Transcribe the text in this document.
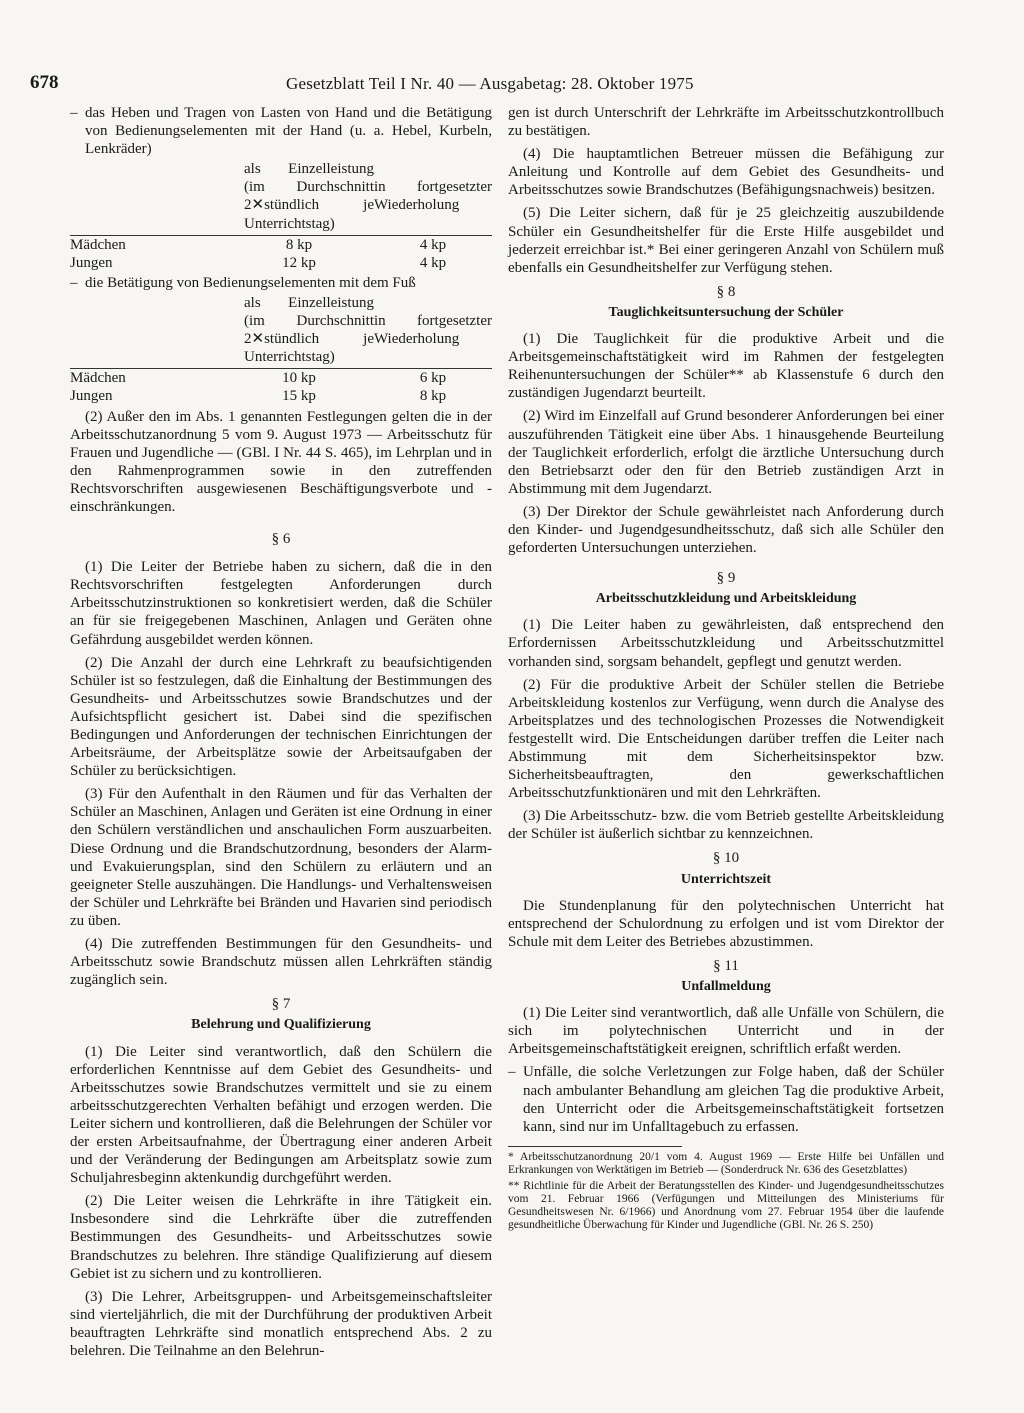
678	Gesetzblatt Teil I Nr. 40 — Ausgabetag: 28. Oktober 1975
– das Heben und Tragen von Lasten von Hand und die Betätigung von Bedienungselementen mit der Hand (u. a. Hebel, Kurbeln, Lenkräder)
	als Einzelleistung (im Durchschnitt 2✕stündlich je Unterrichtstag)	in fortgesetzter Wiederholung

Mädchen	8 kp	4 kp
Jungen	12 kp	4 kp
– die Betätigung von Bedienungselementen mit dem Fuß
	als Einzelleistung (im Durchschnitt 2✕stündlich je Unterrichtstag)	in fortgesetzter Wiederholung

Mädchen	10 kp	6 kp
Jungen	15 kp	8 kp

(2) Außer den im Abs. 1 genannten Festlegungen gelten die in der Arbeitsschutzanordnung 5 vom 9. August 1973 — Arbeitsschutz für Frauen und Jugendliche — (GBl. I Nr. 44 S. 465), im Lehrplan und in den Rahmenprogrammen sowie in den zutreffenden Rechtsvorschriften ausgewiesenen Beschäftigungsverbote und -einschränkungen.

§ 6

(1) Die Leiter der Betriebe haben zu sichern, daß die in den Rechtsvorschriften festgelegten Anforderungen durch Arbeitsschutzinstruktionen so konkretisiert werden, daß die Schüler an für sie freigegebenen Maschinen, Anlagen und Geräten ohne Gefährdung ausgebildet werden können.

(2) Die Anzahl der durch eine Lehrkraft zu beaufsichtigenden Schüler ist so festzulegen, daß die Einhaltung der Bestimmungen des Gesundheits- und Arbeitsschutzes sowie Brandschutzes und der Aufsichtspflicht gesichert ist. Dabei sind die spezifischen Bedingungen und Anforderungen der technischen Einrichtungen der Arbeitsräume, der Arbeitsplätze sowie der Arbeitsaufgaben der Schüler zu berücksichtigen.

(3) Für den Aufenthalt in den Räumen und für das Verhalten der Schüler an Maschinen, Anlagen und Geräten ist eine Ordnung in einer den Schülern verständlichen und anschaulichen Form auszuarbeiten. Diese Ordnung und die Brandschutzordnung, besonders der Alarm- und Evakuierungsplan, sind den Schülern zu erläutern und an geeigneter Stelle auszuhängen. Die Handlungs- und Verhaltensweisen der Schüler und Lehrkräfte bei Bränden und Havarien sind periodisch zu üben.

(4) Die zutreffenden Bestimmungen für den Gesundheits- und Arbeitsschutz sowie Brandschutz müssen allen Lehrkräften ständig zugänglich sein.

§ 7
Belehrung und Qualifizierung

(1) Die Leiter sind verantwortlich, daß den Schülern die erforderlichen Kenntnisse auf dem Gebiet des Gesundheits- und Arbeitsschutzes sowie Brandschutzes vermittelt und sie zu einem arbeitsschutzgerechten Verhalten befähigt und erzogen werden. Die Leiter sichern und kontrollieren, daß die Belehrungen der Schüler vor der ersten Arbeitsaufnahme, der Übertragung einer anderen Arbeit und der Veränderung der Bedingungen am Arbeitsplatz sowie zum Schuljahresbeginn aktenkundig durchgeführt werden.

(2) Die Leiter weisen die Lehrkräfte in ihre Tätigkeit ein. Insbesondere sind die Lehrkräfte über die zutreffenden Bestimmungen des Gesundheits- und Arbeitsschutzes sowie Brandschutzes zu belehren. Ihre ständige Qualifizierung auf diesem Gebiet ist zu sichern und zu kontrollieren.

(3) Die Lehrer, Arbeitsgruppen- und Arbeitsgemeinschaftsleiter sind vierteljährlich, die mit der Durchführung der produktiven Arbeit beauftragten Lehrkräfte sind monatlich entsprechend Abs. 2 zu belehren. Die Teilnahme an den Belehrun-

gen ist durch Unterschrift der Lehrkräfte im Arbeitsschutzkontrollbuch zu bestätigen.

(4) Die hauptamtlichen Betreuer müssen die Befähigung zur Anleitung und Kontrolle auf dem Gebiet des Gesundheits- und Arbeitsschutzes sowie Brandschutzes (Befähigungsnachweis) besitzen.

(5) Die Leiter sichern, daß für je 25 gleichzeitig auszubildende Schüler ein Gesundheitshelfer für die Erste Hilfe ausgebildet und jederzeit erreichbar ist.* Bei einer geringeren Anzahl von Schülern muß ebenfalls ein Gesundheitshelfer zur Verfügung stehen.

§ 8
Tauglichkeitsuntersuchung der Schüler

(1) Die Tauglichkeit für die produktive Arbeit und die Arbeitsgemeinschaftstätigkeit wird im Rahmen der festgelegten Reihenuntersuchungen der Schüler** ab Klassenstufe 6 durch den zuständigen Jugendarzt beurteilt.

(2) Wird im Einzelfall auf Grund besonderer Anforderungen bei einer auszuführenden Tätigkeit eine über Abs. 1 hinausgehende Beurteilung der Tauglichkeit erforderlich, erfolgt die ärztliche Untersuchung durch den Betriebsarzt oder den für den Betrieb zuständigen Arzt in Abstimmung mit dem Jugendarzt.

(3) Der Direktor der Schule gewährleistet nach Anforderung durch den Kinder- und Jugendgesundheitsschutz, daß sich alle Schüler den geforderten Untersuchungen unterziehen.

§ 9
Arbeitsschutzkleidung und Arbeitskleidung

(1) Die Leiter haben zu gewährleisten, daß entsprechend den Erfordernissen Arbeitsschutzkleidung und Arbeitsschutzmittel vorhanden sind, sorgsam behandelt, gepflegt und genutzt werden.

(2) Für die produktive Arbeit der Schüler stellen die Betriebe Arbeitskleidung kostenlos zur Verfügung, wenn durch die Analyse des Arbeitsplatzes und des technologischen Prozesses die Notwendigkeit festgestellt wird. Die Entscheidungen darüber treffen die Leiter nach Abstimmung mit dem Sicherheitsinspektor bzw. Sicherheitsbeauftragten, den gewerkschaftlichen Arbeitsschutzfunktionären und mit den Lehrkräften.

(3) Die Arbeitsschutz- bzw. die vom Betrieb gestellte Arbeitskleidung der Schüler ist äußerlich sichtbar zu kennzeichnen.

§ 10
Unterrichtszeit

Die Stundenplanung für den polytechnischen Unterricht hat entsprechend der Schulordnung zu erfolgen und ist vom Direktor der Schule mit dem Leiter des Betriebes abzustimmen.

§ 11
Unfallmeldung

(1) Die Leiter sind verantwortlich, daß alle Unfälle von Schülern, die sich im polytechnischen Unterricht und in der Arbeitsgemeinschaftstätigkeit ereignen, schriftlich erfaßt werden.

– Unfälle, die solche Verletzungen zur Folge haben, daß der Schüler nach ambulanter Behandlung am gleichen Tag die produktive Arbeit, den Unterricht oder die Arbeitsgemeinschaftstätigkeit fortsetzen kann, sind nur im Unfalltagebuch zu erfassen.

* Arbeitsschutzanordnung 20/1 vom 4. August 1969 — Erste Hilfe bei Unfällen und Erkrankungen von Werktätigen im Betrieb — (Sonderdruck Nr. 636 des Gesetzblattes)

** Richtlinie für die Arbeit der Beratungsstellen des Kinder- und Jugendgesundheitsschutzes vom 21. Februar 1966 (Verfügungen und Mitteilungen des Ministeriums für Gesundheitswesen Nr. 6/1966) und Anordnung vom 27. Februar 1954 über die laufende gesundheitliche Überwachung für Kinder und Jugendliche (GBl. Nr. 26 S. 250)
